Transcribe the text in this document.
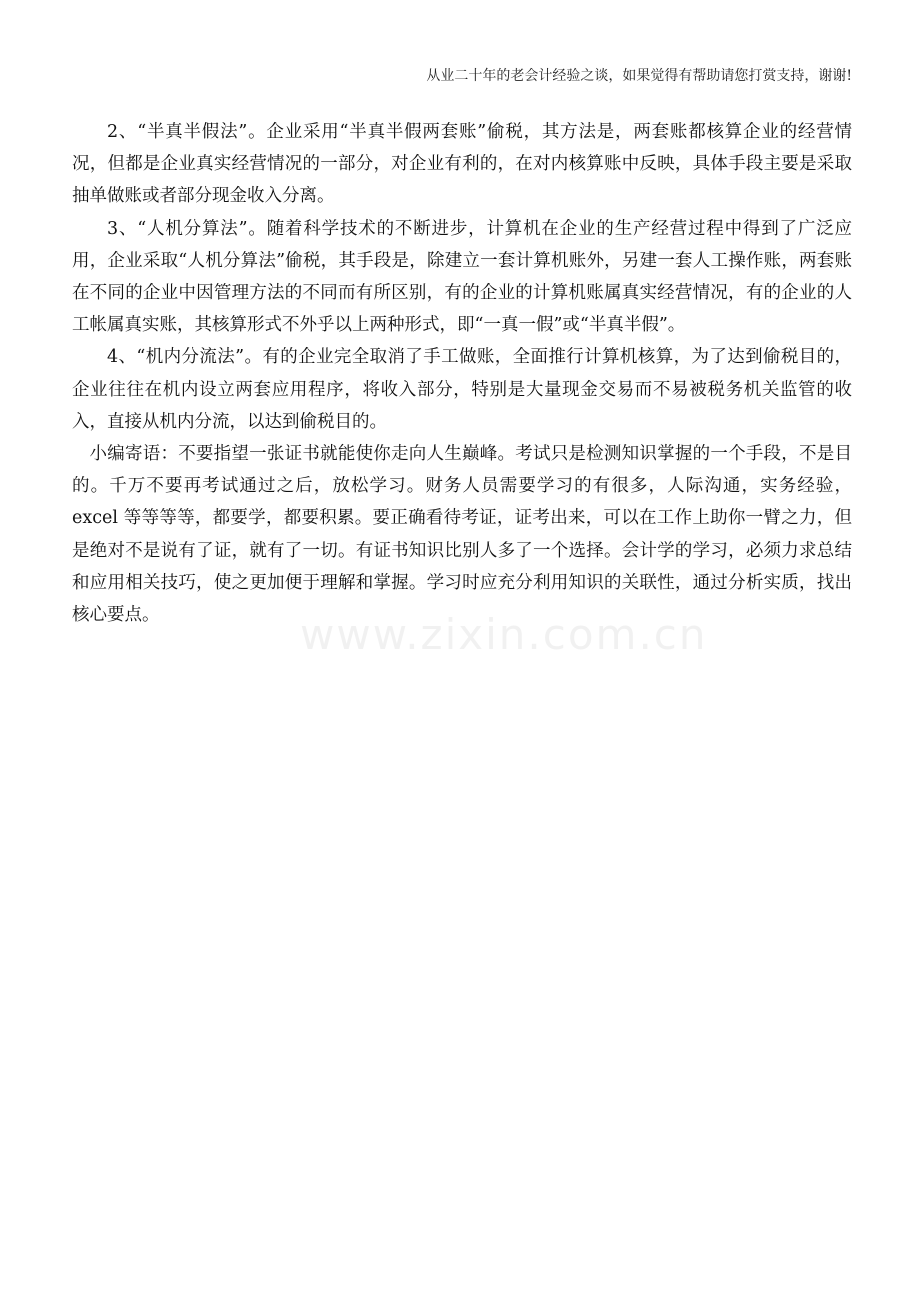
从业二十年的老会计经验之谈，如果觉得有帮助请您打赏支持，谢谢!

2、“半真半假法”。企业采用“半真半假两套账”偷税，其方法是，两套账都核算企业的经营情况，但都是企业真实经营情况的一部分，对企业有利的，在对内核算账中反映，具体手段主要是采取抽单做账或者部分现金收入分离。

3、“人机分算法”。随着科学技术的不断进步，计算机在企业的生产经营过程中得到了广泛应用，企业采取“人机分算法”偷税，其手段是，除建立一套计算机账外，另建一套人工操作账，两套账在不同的企业中因管理方法的不同而有所区别，有的企业的计算机账属真实经营情况，有的企业的人工帐属真实账，其核算形式不外乎以上两种形式，即“一真一假”或“半真半假”。

4、“机内分流法”。有的企业完全取消了手工做账，全面推行计算机核算，为了达到偷税目的，企业往往在机内设立两套应用程序，将收入部分，特别是大量现金交易而不易被税务机关监管的收入，直接从机内分流，以达到偷税目的。

小编寄语：不要指望一张证书就能使你走向人生巅峰。考试只是检测知识掌握的一个手段，不是目的。千万不要再考试通过之后，放松学习。财务人员需要学习的有很多，人际沟通，实务经验，excel 等等等等，都要学，都要积累。要正确看待考证，证考出来，可以在工作上助你一臂之力，但是绝对不是说有了证，就有了一切。有证书知识比别人多了一个选择。会计学的学习，必须力求总结和应用相关技巧，使之更加便于理解和掌握。学习时应充分利用知识的关联性，通过分析实质，找出核心要点。	www.zixin.com.cn
